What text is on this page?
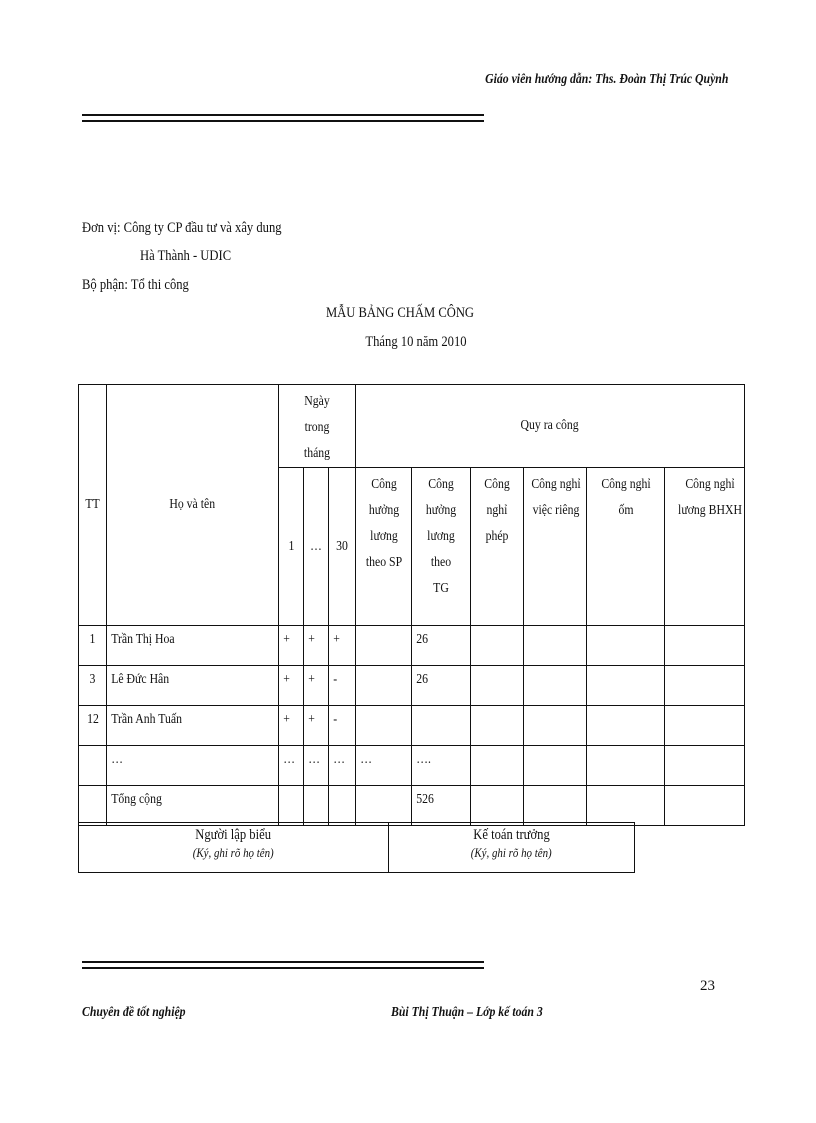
Giáo viên hướng dẫn: Ths. Đoàn Thị Trúc Quỳnh
Đơn vị: Công ty CP đầu tư và xây dung
Hà Thành - UDIC
Bộ phận: Tổ thi công
MẪU BẢNG CHẤM CÔNG
Tháng 10 năm 2010
TT	Họ và tên	Ngày trong tháng			Quy ra công					
		1	…	30	Công hưởng lương theo SP	Công hưởng lương theo TG	Công nghỉ phép	Công nghỉ việc riêng	Công nghỉ ốm	Công nghỉ lương BHXH
1	Trần Thị Hoa	+	+	+		26				
3	Lê Đức Hân	+	+	-		26				
12	Trần Anh Tuấn	+	+	-						
	…	…	…	…	…	….				
	Tổng cộng					526				
Người lập biểu
(Ký, ghi rõ họ tên)
Kế toán trưởng
(Ký, ghi rõ họ tên)
23
Chuyên đề tốt nghiệp	Bùi Thị Thuận – Lớp kế toán 3
